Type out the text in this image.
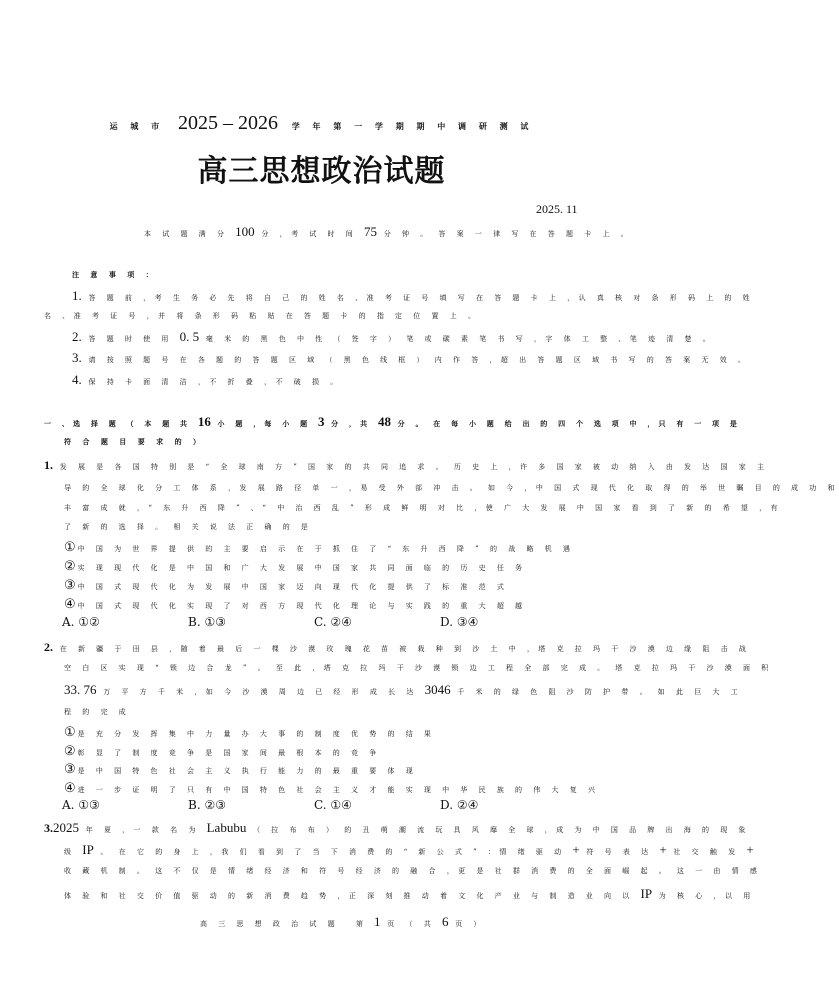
运 城 市 2025 – 2026 学 年 第 一 学 期 期 中 调 研 测 试
高三思想政治试题
2025. 11
本 试 题 满 分 100 分 ，考 试 时 间 75 分 钟 。 答 案 一 律 写 在 答 题 卡 上 。
注 意 事 项 ：
1. 答 题 前 ，考 生 务 必 先 将 自 己 的 姓 名 、准 考 证 号 填 写 在 答 题 卡 上 ，认 真 核 对 条 形 码 上 的 姓
名 、准 考 证 号 ，并 将 条 形 码 粘 贴 在 答 题 卡 的 指 定 位 置 上 。
2. 答 题 时 使 用 0. 5 毫 米 的 黑 色 中 性 （ 签 字 ） 笔 或 碳 素 笔 书 写 ，字 体 工 整 、笔 迹 清 楚 。
3. 请 按 照 题 号 在 各 题 的 答 题 区 域 （ 黑 色 线 框 ） 内 作 答 ，超 出 答 题 区 域 书 写 的 答 案 无 效 。
4. 保 持 卡 面 清 洁 ，不 折 叠 ，不 破 损 。
一 、选 择 题 （ 本 题 共 16 小 题 ，每 小 题 3 分 ，共 48 分 。 在 每 小 题 给 出 的 四 个 选 项 中 ，只 有 一 项 是
符 合 题 目 要 求 的 ）
1. 发 展 是 各 国 特 别 是 “ 全 球 南 方 ” 国 家 的 共 同 追 求 。 历 史 上 ，许 多 国 家 被 动 纳 入 由 发 达 国 家 主
导 的 全 球 化 分 工 体 系 ，发 展 路 径 单 一 ，易 受 外 部 冲 击 。 如 今 ，中 国 式 现 代 化 取 得 的 举 世 瞩 目 的 成 功 和
丰 富 成 就 ，“ 东 升 西 降 ” 、“ 中 治 西 乱 ” 形 成 鲜 明 对 比 ，使 广 大 发 展 中 国 家 看 到 了 新 的 希 望 ，有
了 新 的 选 择 。 相 关 说 法 正 确 的 是
① 中 国 为 世 界 提 供 的 主 要 启 示 在 于 抓 住 了 “ 东 升 西 降 ” 的 战 略 机 遇
② 实 现 现 代 化 是 中 国 和 广 大 发 展 中 国 家 共 同 面 临 的 历 史 任 务
③ 中 国 式 现 代 化 为 发 展 中 国 家 迈 向 现 代 化 提 供 了 标 准 范 式
④ 中 国 式 现 代 化 实 现 了 对 西 方 现 代 化 理 论 与 实 践 的 重 大 超 越
A. ①②	B. ①③	C. ②④	D. ③④
2. 在 新 疆 于 田 县 ，随 着 最 后 一 棵 沙 漠 玫 瑰 花 苗 被 栽 种 到 沙 土 中 ，塔 克 拉 玛 干 沙 漠 边 缘 阻 击 战
空 白 区 实 现 “ 锁 边 合 龙 ” 。 至 此 ，塔 克 拉 玛 干 沙 漠 锁 边 工 程 全 部 完 成 。 塔 克 拉 玛 干 沙 漠 面 积
33. 76 万 平 方 千 米 ，如 今 沙 漠 周 边 已 经 形 成 长 达 3046 千 米 的 绿 色 阻 沙 防 护 带 。 如 此 巨 大 工
程 的 完 成
① 是 充 分 发 挥 集 中 力 量 办 大 事 的 制 度 优 势 的 结 果
② 彰 显 了 制 度 竞 争 是 国 家 间 最 根 本 的 竞 争
③ 是 中 国 特 色 社 会 主 义 执 行 能 力 的 最 重 要 体 现
④ 进 一 步 证 明 了 只 有 中 国 特 色 社 会 主 义 才 能 实 现 中 华 民 族 的 伟 大 复 兴
A. ①③	B. ②③	C. ①④	D. ②④
3.2025 年 夏 ，一 款 名 为 Labubu （ 拉 布 布 ） 的 丑 萌 潮 流 玩 具 风 靡 全 球 ，成 为 中 国 品 牌 出 海 的 现 象
级 IP 。 在 它 的 身 上 ，我 们 看 到 了 当 下 消 费 的 “ 新 公 式 ” ：情 绪 驱 动 + 符 号 表 达 + 社 交 触 发 +
收 藏 机 制 。 这 不 仅 是 情 绪 经 济 和 符 号 经 济 的 融 合 ，更 是 社 群 消 费 的 全 面 崛 起 。 这 一 由 情 感
体 验 和 社 交 价 值 驱 动 的 新 消 费 趋 势 ，正 深 刻 推 动 着 文 化 产 业 与 制 造 业 向 以 IP 为 核 心 ，以 用
高 三 思 想 政 治 试 题 第 1 页 （ 共 6 页 ）
